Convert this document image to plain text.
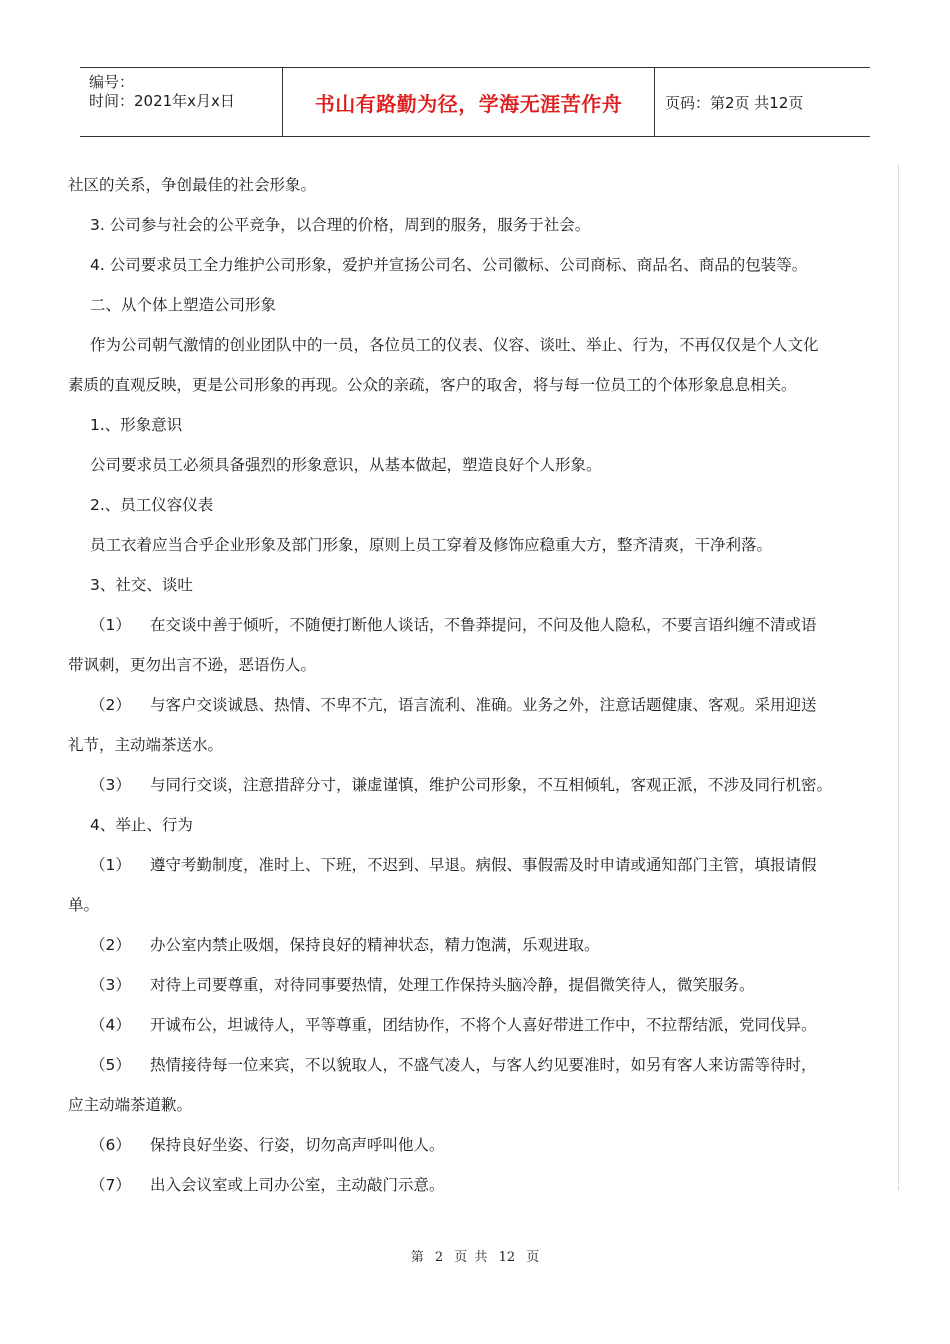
编号：
时间：2021年x月x日	书山有路勤为径，学海无涯苦作舟	页码：第2页 共12页

社区的关系，争创最佳的社会形象。

3. 公司参与社会的公平竞争，以合理的价格，周到的服务，服务于社会。

4. 公司要求员工全力维护公司形象，爱护并宣扬公司名、公司徽标、公司商标、商品名、商品的包装等。

二、从个体上塑造公司形象

作为公司朝气激情的创业团队中的一员，各位员工的仪表、仪容、谈吐、举止、行为，不再仅仅是个人文化

素质的直观反映，更是公司形象的再现。公众的亲疏，客户的取舍，将与每一位员工的个体形象息息相关。

1.、形象意识

公司要求员工必须具备强烈的形象意识，从基本做起，塑造良好个人形象。

2.、员工仪容仪表

员工衣着应当合乎企业形象及部门形象，原则上员工穿着及修饰应稳重大方，整齐清爽，干净利落。

3、社交、谈吐

（1） 在交谈中善于倾听，不随便打断他人谈话，不鲁莽提问，不问及他人隐私，不要言语纠缠不清或语

带讽刺，更勿出言不逊，恶语伤人。

（2） 与客户交谈诚恳、热情、不卑不亢，语言流利、准确。业务之外，注意话题健康、客观。采用迎送

礼节，主动端茶送水。

（3） 与同行交谈，注意措辞分寸，谦虚谨慎，维护公司形象，不互相倾轧，客观正派，不涉及同行机密。

4、举止、行为

（1） 遵守考勤制度，准时上、下班，不迟到、早退。病假、事假需及时申请或通知部门主管，填报请假

单。

（2） 办公室内禁止吸烟，保持良好的精神状态，精力饱满，乐观进取。

（3） 对待上司要尊重，对待同事要热情，处理工作保持头脑冷静，提倡微笑待人，微笑服务。

（4） 开诚布公，坦诚待人，平等尊重，团结协作，不将个人喜好带进工作中，不拉帮结派，党同伐异。

（5） 热情接待每一位来宾，不以貌取人，不盛气凌人，与客人约见要准时，如另有客人来访需等待时，

应主动端茶道歉。

（6） 保持良好坐姿、行姿，切勿高声呼叫他人。

（7） 出入会议室或上司办公室，主动敲门示意。

第 2 页 共 12 页
